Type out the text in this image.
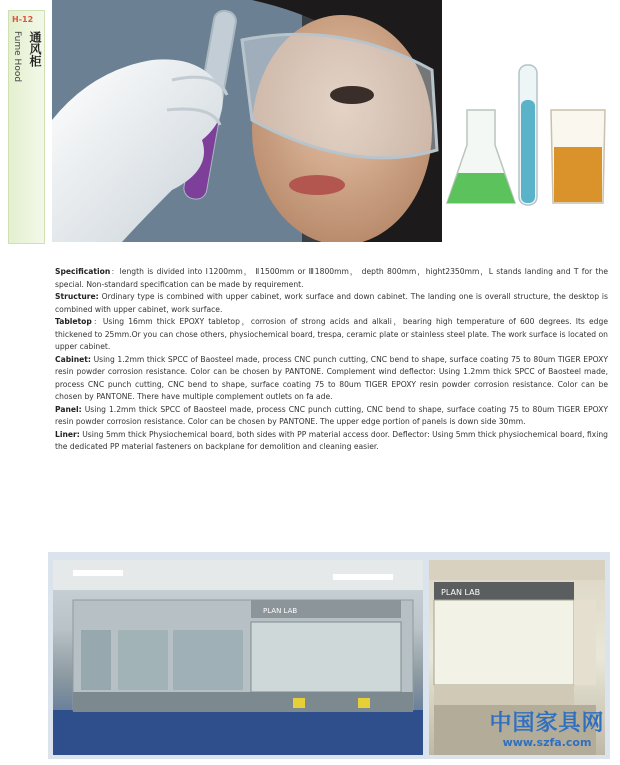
H-12
通风柜
Fume Hood

Specification：length is divided into Ⅰ1200mm， Ⅱ1500mm or Ⅲ1800mm， depth 800mm，hight2350mm，L stands landing and T for the special. Non-standard specification can be made by requirement.

Structure: Ordinary type is combined with upper cabinet, work surface and down cabinet. The landing one is overall structure, the desktop is combined with upper cabinet, work surface.

Tabletop：Using 16mm thick EPOXY tabletop，corrosion of strong acids and alkali，bearing high temperature of 600 degrees. Its edge thickened to 25mm.Or you can chose others, physiochemical board, trespa, ceramic plate or stainless steel plate. The work surface is located on upper cabinet.

Cabinet: Using 1.2mm thick SPCC of Baosteel made, process CNC punch cutting, CNC bend to shape, surface coating 75 to 80um TIGER EPOXY resin powder corrosion resistance. Color can be chosen by PANTONE. Complement wind deflector: Using 1.2mm thick SPCC of Baosteel made, process CNC punch cutting, CNC bend to shape, surface coating 75 to 80um TIGER EPOXY resin powder corrosion resistance. Color can be chosen by PANTONE. There have multiple complement outlets on fa ade.

Panel: Using 1.2mm thick SPCC of Baosteel made, process CNC punch cutting, CNC bend to shape, surface coating 75 to 80um TIGER EPOXY resin powder corrosion resistance. Color can be chosen by PANTONE. The upper edge portion of panels is down side 30mm.

Liner: Using 5mm thick Physiochemical board, both sides with PP material access door. Deflector: Using 5mm thick physiochemical board, fixing the dedicated PP material fasteners on backplane for demolition and cleaning easier.

PLAN LAB
PLAN LAB
中国家具网
www.szfa.com
